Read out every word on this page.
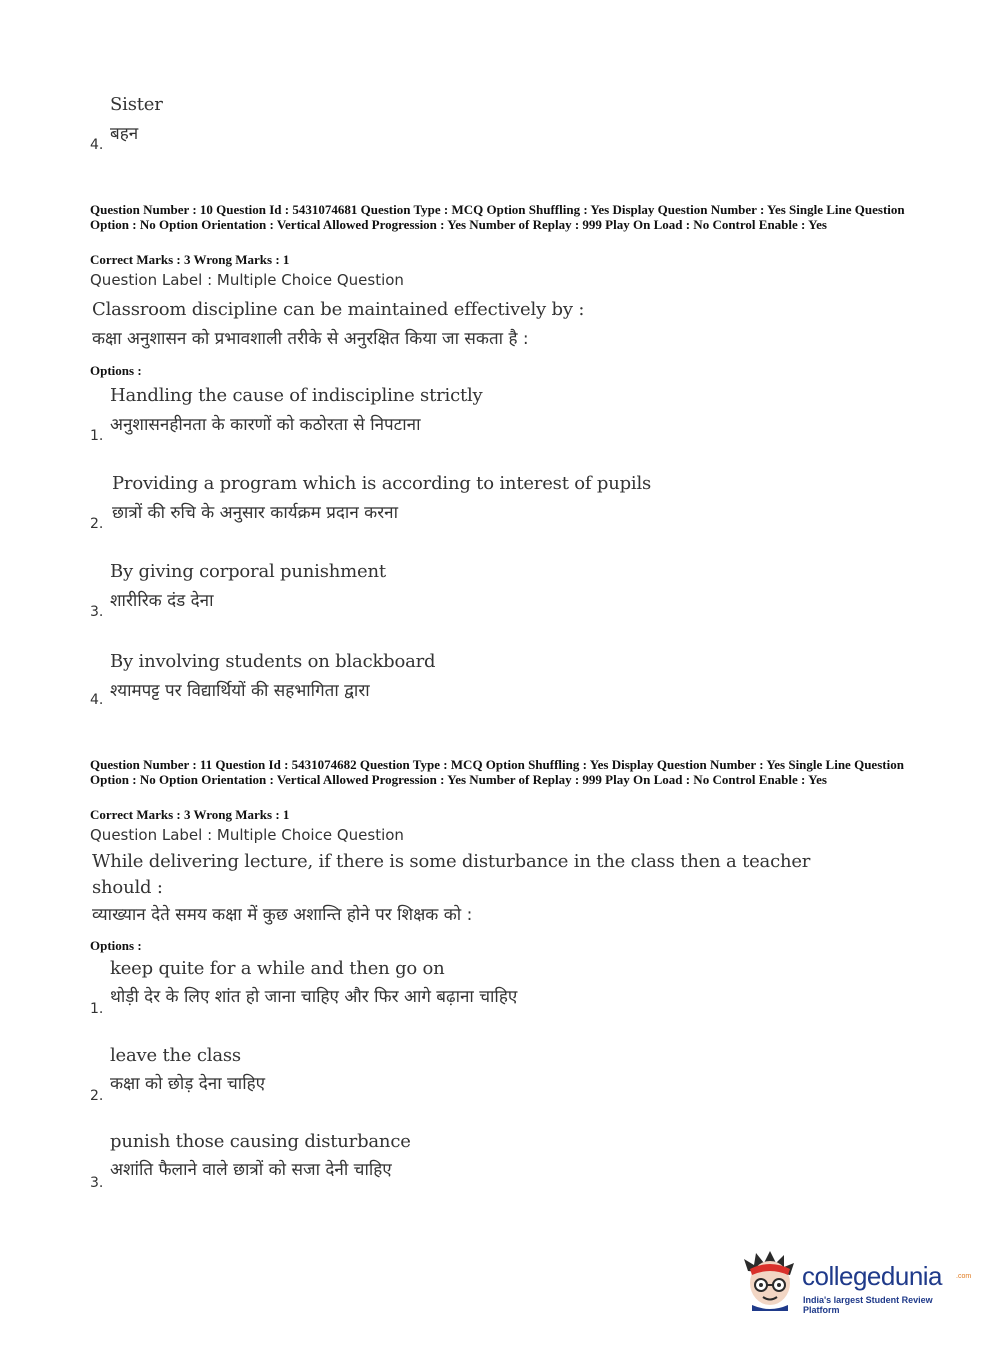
Sister
बहन
4.
Question Number : 10 Question Id : 5431074681 Question Type : MCQ Option Shuffling : Yes Display Question Number : Yes Single Line Question Option : No Option Orientation : Vertical Allowed Progression : Yes Number of Replay : 999 Play On Load : No Control Enable : Yes
Correct Marks : 3 Wrong Marks : 1
Question Label : Multiple Choice Question
Classroom discipline can be maintained effectively by :
कक्षा अनुशासन को प्रभावशाली तरीके से अनुरक्षित किया जा सकता है :
Options :
Handling the cause of indiscipline strictly
अनुशासनहीनता के कारणों को कठोरता से निपटाना
1.
Providing a program which is according to interest of pupils
छात्रों की रुचि के अनुसार कार्यक्रम प्रदान करना
2.
By giving corporal punishment
शारीरिक दंड देना
3.
By involving students on blackboard
श्यामपट्ट पर विद्यार्थियों की सहभागिता द्वारा
4.
Question Number : 11 Question Id : 5431074682 Question Type : MCQ Option Shuffling : Yes Display Question Number : Yes Single Line Question Option : No Option Orientation : Vertical Allowed Progression : Yes Number of Replay : 999 Play On Load : No Control Enable : Yes
Correct Marks : 3 Wrong Marks : 1
Question Label : Multiple Choice Question
While delivering lecture, if there is some disturbance in the class then a teacher
should :
व्याख्यान देते समय कक्षा में कुछ अशान्ति होने पर शिक्षक को :
Options :
keep quite for a while and then go on
थोड़ी देर के लिए शांत हो जाना चाहिए और फिर आगे बढ़ाना चाहिए
1.
leave the class
कक्षा को छोड़ देना चाहिए
2.
punish those causing disturbance
अशांति फैलाने वाले छात्रों को सजा देनी चाहिए
3.
collegedunia .com
India's largest Student Review Platform
